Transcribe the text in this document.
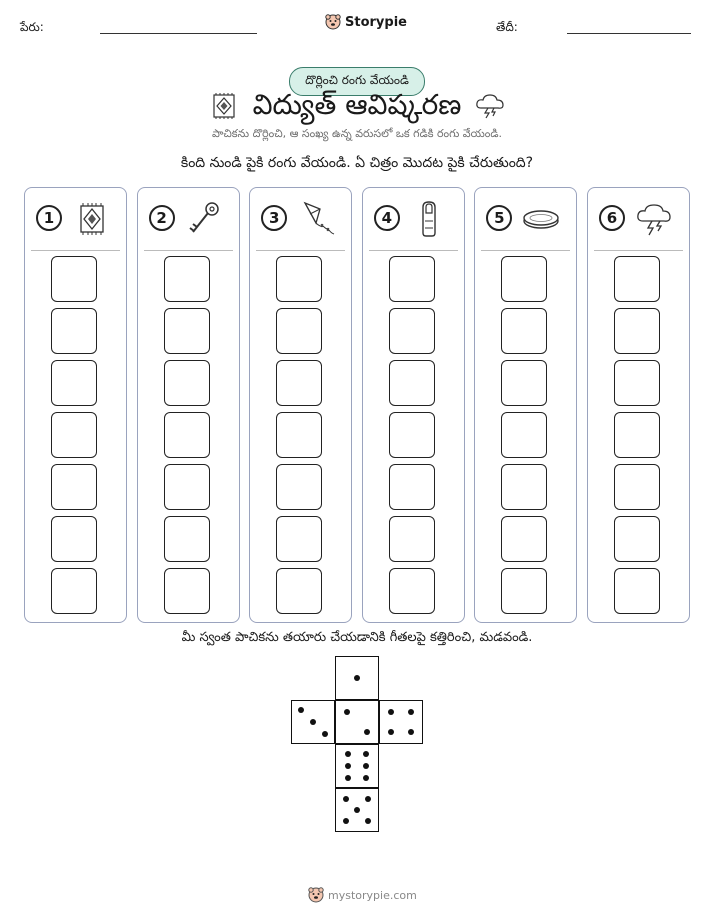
పేరు:	Storypie	తేదీ:
దొర్లించి రంగు వేయండి
విద్యుత్ ఆవిష్కరణ
పాచికను దొర్లించి, ఆ సంఖ్య ఉన్న వరుసలో ఒక గడికి రంగు వేయండి.
కింది నుండి పైకి రంగు వేయండి. ఏ చిత్రం మొదట పైకి చేరుతుంది?
1	2	3	4	5	6
మీ స్వంత పాచికను తయారు చేయడానికి గీతలపై కత్తిరించి, మడవండి.
mystorypie.com
